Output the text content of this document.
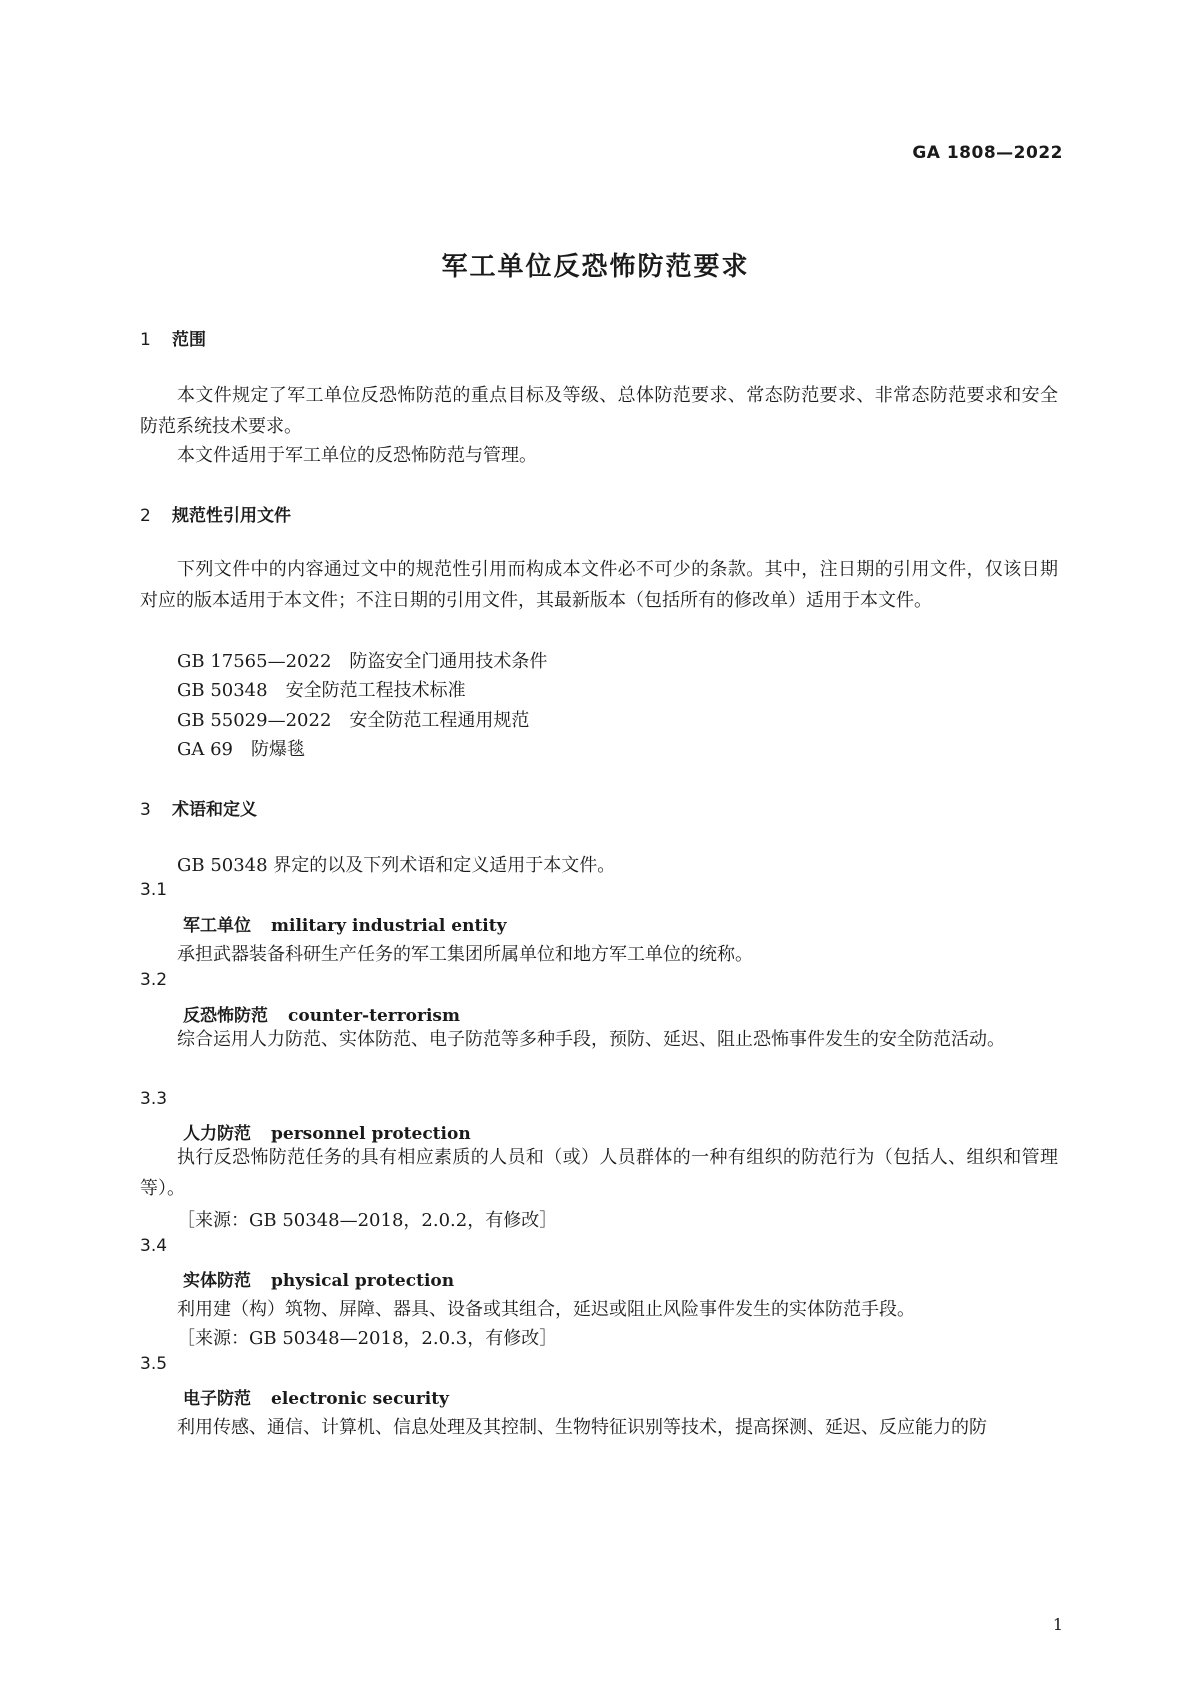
GA 1808—2022
军工单位反恐怖防范要求
1 范围
本文件规定了军工单位反恐怖防范的重点目标及等级、总体防范要求、常态防范要求、非常态防范要求和安全防范系统技术要求。
本文件适用于军工单位的反恐怖防范与管理。
2 规范性引用文件
下列文件中的内容通过文中的规范性引用而构成本文件必不可少的条款。其中，注日期的引用文件，仅该日期对应的版本适用于本文件；不注日期的引用文件，其最新版本（包括所有的修改单）适用于本文件。
GB 17565—2022 防盗安全门通用技术条件
GB 50348 安全防范工程技术标准
GB 55029—2022 安全防范工程通用规范
GA 69 防爆毯
3 术语和定义
GB 50348 界定的以及下列术语和定义适用于本文件。
3.1
军工单位 military industrial entity
承担武器装备科研生产任务的军工集团所属单位和地方军工单位的统称。
3.2
反恐怖防范 counter-terrorism
综合运用人力防范、实体防范、电子防范等多种手段，预防、延迟、阻止恐怖事件发生的安全防范活动。
3.3
人力防范 personnel protection
执行反恐怖防范任务的具有相应素质的人员和（或）人员群体的一种有组织的防范行为（包括人、组织和管理等）。
［来源：GB 50348—2018，2.0.2，有修改］
3.4
实体防范 physical protection
利用建（构）筑物、屏障、器具、设备或其组合，延迟或阻止风险事件发生的实体防范手段。
［来源：GB 50348—2018，2.0.3，有修改］
3.5
电子防范 electronic security
利用传感、通信、计算机、信息处理及其控制、生物特征识别等技术，提高探测、延迟、反应能力的防
1
